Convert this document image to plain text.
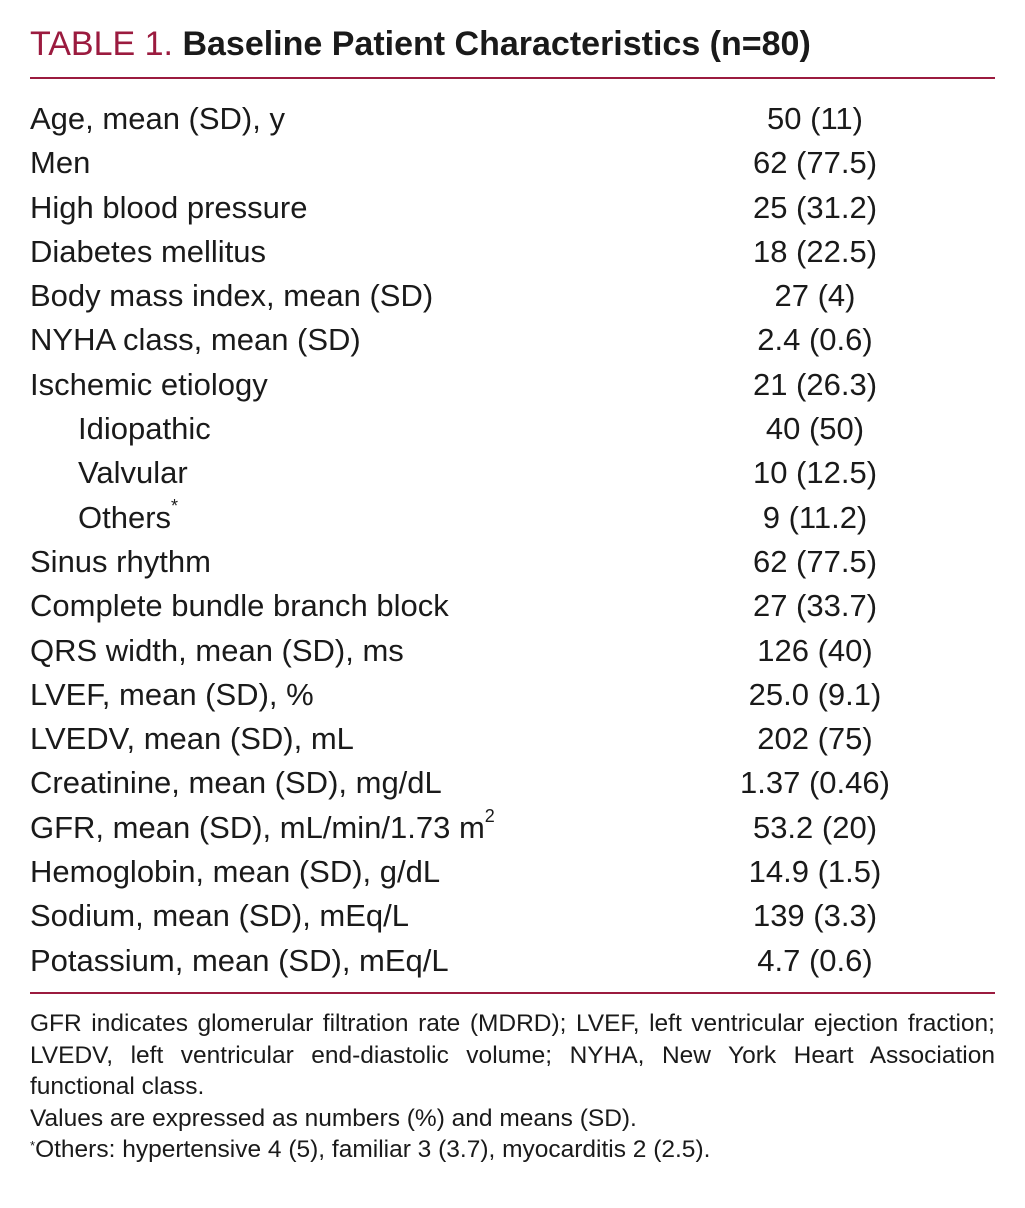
TABLE 1. Baseline Patient Characteristics (n=80)
Age, mean (SD), y	50 (11)
Men	62 (77.5)
High blood pressure	25 (31.2)
Diabetes mellitus	18 (22.5)
Body mass index, mean (SD)	27 (4)
NYHA class, mean (SD)	2.4 (0.6)
Ischemic etiology	21 (26.3)
Idiopathic	40 (50)
Valvular	10 (12.5)
Others*	9 (11.2)
Sinus rhythm	62 (77.5)
Complete bundle branch block	27 (33.7)
QRS width, mean (SD), ms	126 (40)
LVEF, mean (SD), %	25.0 (9.1)
LVEDV, mean (SD), mL	202 (75)
Creatinine, mean (SD), mg/dL	1.37 (0.46)
GFR, mean (SD), mL/min/1.73 $m^2$	53.2 (20)
Hemoglobin, mean (SD), g/dL	14.9 (1.5)
Sodium, mean (SD), mEq/L	139 (3.3)
Potassium, mean (SD), mEq/L	4.7 (0.6)

GFR indicates glomerular filtration rate (MDRD); LVEF, left ventricular ejection fraction; LVEDV, left ventricular end-diastolic volume; NYHA, New York Heart Association functional class.

Values are expressed as numbers (%) and means (SD).

*Others: hypertensive 4 (5), familiar 3 (3.7), myocarditis 2 (2.5).
